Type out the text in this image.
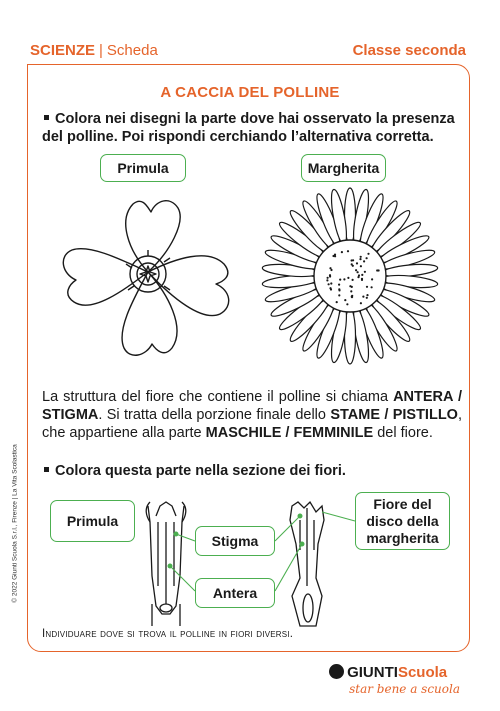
SCIENZE | Scheda	Classe seconda
A CACCIA DEL POLLINE
Colora nei disegni la parte dove hai osservato la presenza del polline. Poi rispondi cerchiando l’alternativa corretta.
Primula	Margherita
La struttura del fiore che contiene il polline si chiama ANTERA / STIGMA. Si tratta della porzione finale dello STAME / PISTILLO, che appartiene alla parte MASCHILE / FEMMINILE del fiore.
Colora questa parte nella sezione dei fiori.
Primula
Stigma
Antera
Fiore del disco della margherita
Individuare dove si trova il polline in fiori diversi.
© 2022 Giunti Scuola S.r.l., Firenze | La Vita Scolastica
GIUNTIScuola
star bene a scuola
